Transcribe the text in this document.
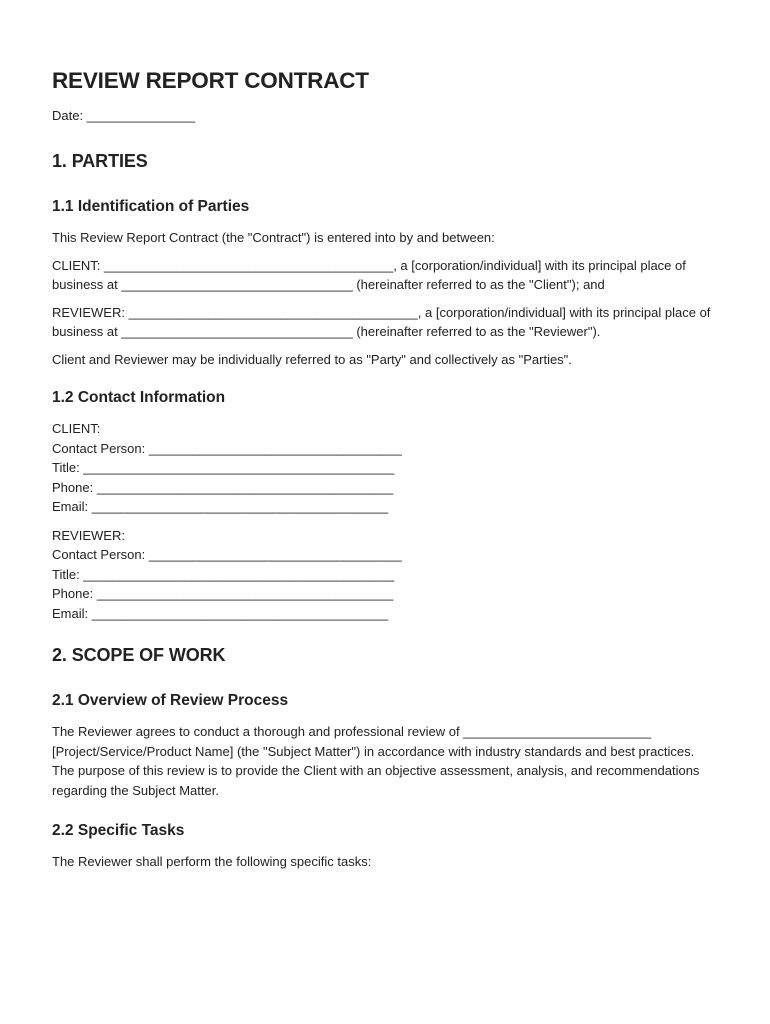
REVIEW REPORT CONTRACT
Date: _______________
1. PARTIES
1.1 Identification of Parties

This Review Report Contract (the "Contract") is entered into by and between:

CLIENT: ________________________________________, a [corporation/individual] with its principal place of business at ________________________________ (hereinafter referred to as the "Client"); and

REVIEWER: ________________________________________, a [corporation/individual] with its principal place of business at ________________________________ (hereinafter referred to as the "Reviewer").

Client and Reviewer may be individually referred to as "Party" and collectively as "Parties".

1.2 Contact Information
CLIENT:
Contact Person: ___________________________________
Title: ___________________________________________
Phone: _________________________________________
Email: _________________________________________
REVIEWER:
Contact Person: ___________________________________
Title: ___________________________________________
Phone: _________________________________________
Email: _________________________________________
2. SCOPE OF WORK
2.1 Overview of Review Process

The Reviewer agrees to conduct a thorough and professional review of __________________________ [Project/Service/Product Name] (the "Subject Matter") in accordance with industry standards and best practices. The purpose of this review is to provide the Client with an objective assessment, analysis, and recommendations regarding the Subject Matter.

2.2 Specific Tasks

The Reviewer shall perform the following specific tasks:
